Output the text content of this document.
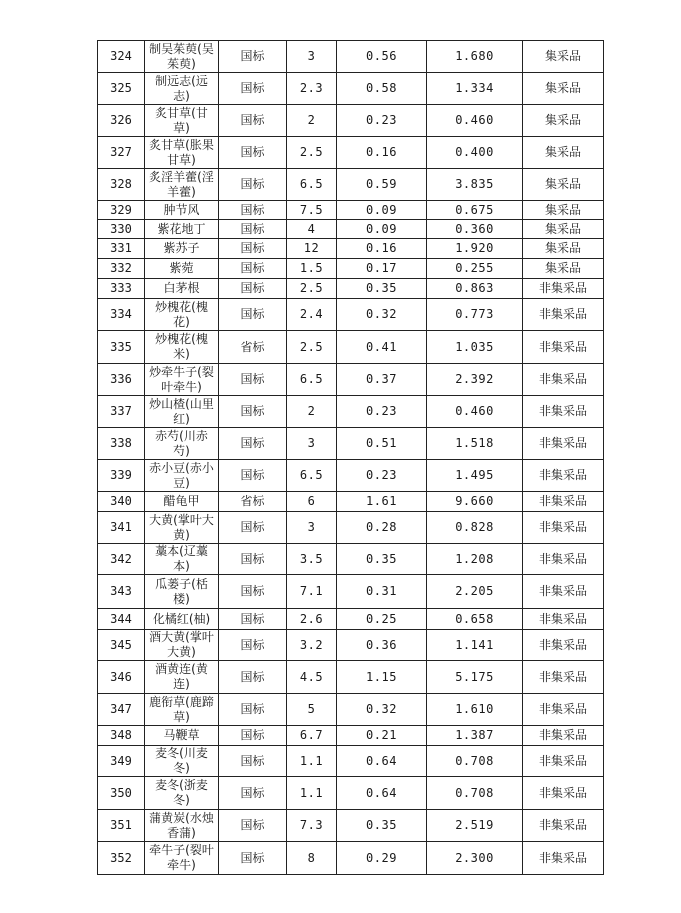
324	制吴茱萸(吴茱萸)	国标	3	0.56	1.680	集采品
325	制远志(远志)	国标	2.3	0.58	1.334	集采品
326	炙甘草(甘草)	国标	2	0.23	0.460	集采品
327	炙甘草(胀果甘草)	国标	2.5	0.16	0.400	集采品
328	炙淫羊藿(淫羊藿)	国标	6.5	0.59	3.835	集采品
329	肿节风	国标	7.5	0.09	0.675	集采品
330	紫花地丁	国标	4	0.09	0.360	集采品
331	紫苏子	国标	12	0.16	1.920	集采品
332	紫菀	国标	1.5	0.17	0.255	集采品
333	白茅根	国标	2.5	0.35	0.863	非集采品
334	炒槐花(槐花)	国标	2.4	0.32	0.773	非集采品
335	炒槐花(槐米)	省标	2.5	0.41	1.035	非集采品
336	炒牵牛子(裂叶牵牛)	国标	6.5	0.37	2.392	非集采品
337	炒山楂(山里红)	国标	2	0.23	0.460	非集采品
338	赤芍(川赤芍)	国标	3	0.51	1.518	非集采品
339	赤小豆(赤小豆)	国标	6.5	0.23	1.495	非集采品
340	醋龟甲	省标	6	1.61	9.660	非集采品
341	大黄(掌叶大黄)	国标	3	0.28	0.828	非集采品
342	藁本(辽藁本)	国标	3.5	0.35	1.208	非集采品
343	瓜蒌子(栝楼)	国标	7.1	0.31	2.205	非集采品
344	化橘红(柚)	国标	2.6	0.25	0.658	非集采品
345	酒大黄(掌叶大黄)	国标	3.2	0.36	1.141	非集采品
346	酒黄连(黄连)	国标	4.5	1.15	5.175	非集采品
347	鹿衔草(鹿蹄草)	国标	5	0.32	1.610	非集采品
348	马鞭草	国标	6.7	0.21	1.387	非集采品
349	麦冬(川麦冬)	国标	1.1	0.64	0.708	非集采品
350	麦冬(浙麦冬)	国标	1.1	0.64	0.708	非集采品
351	蒲黄炭(水烛香蒲)	国标	7.3	0.35	2.519	非集采品
352	牵牛子(裂叶牵牛)	国标	8	0.29	2.300	非集采品
